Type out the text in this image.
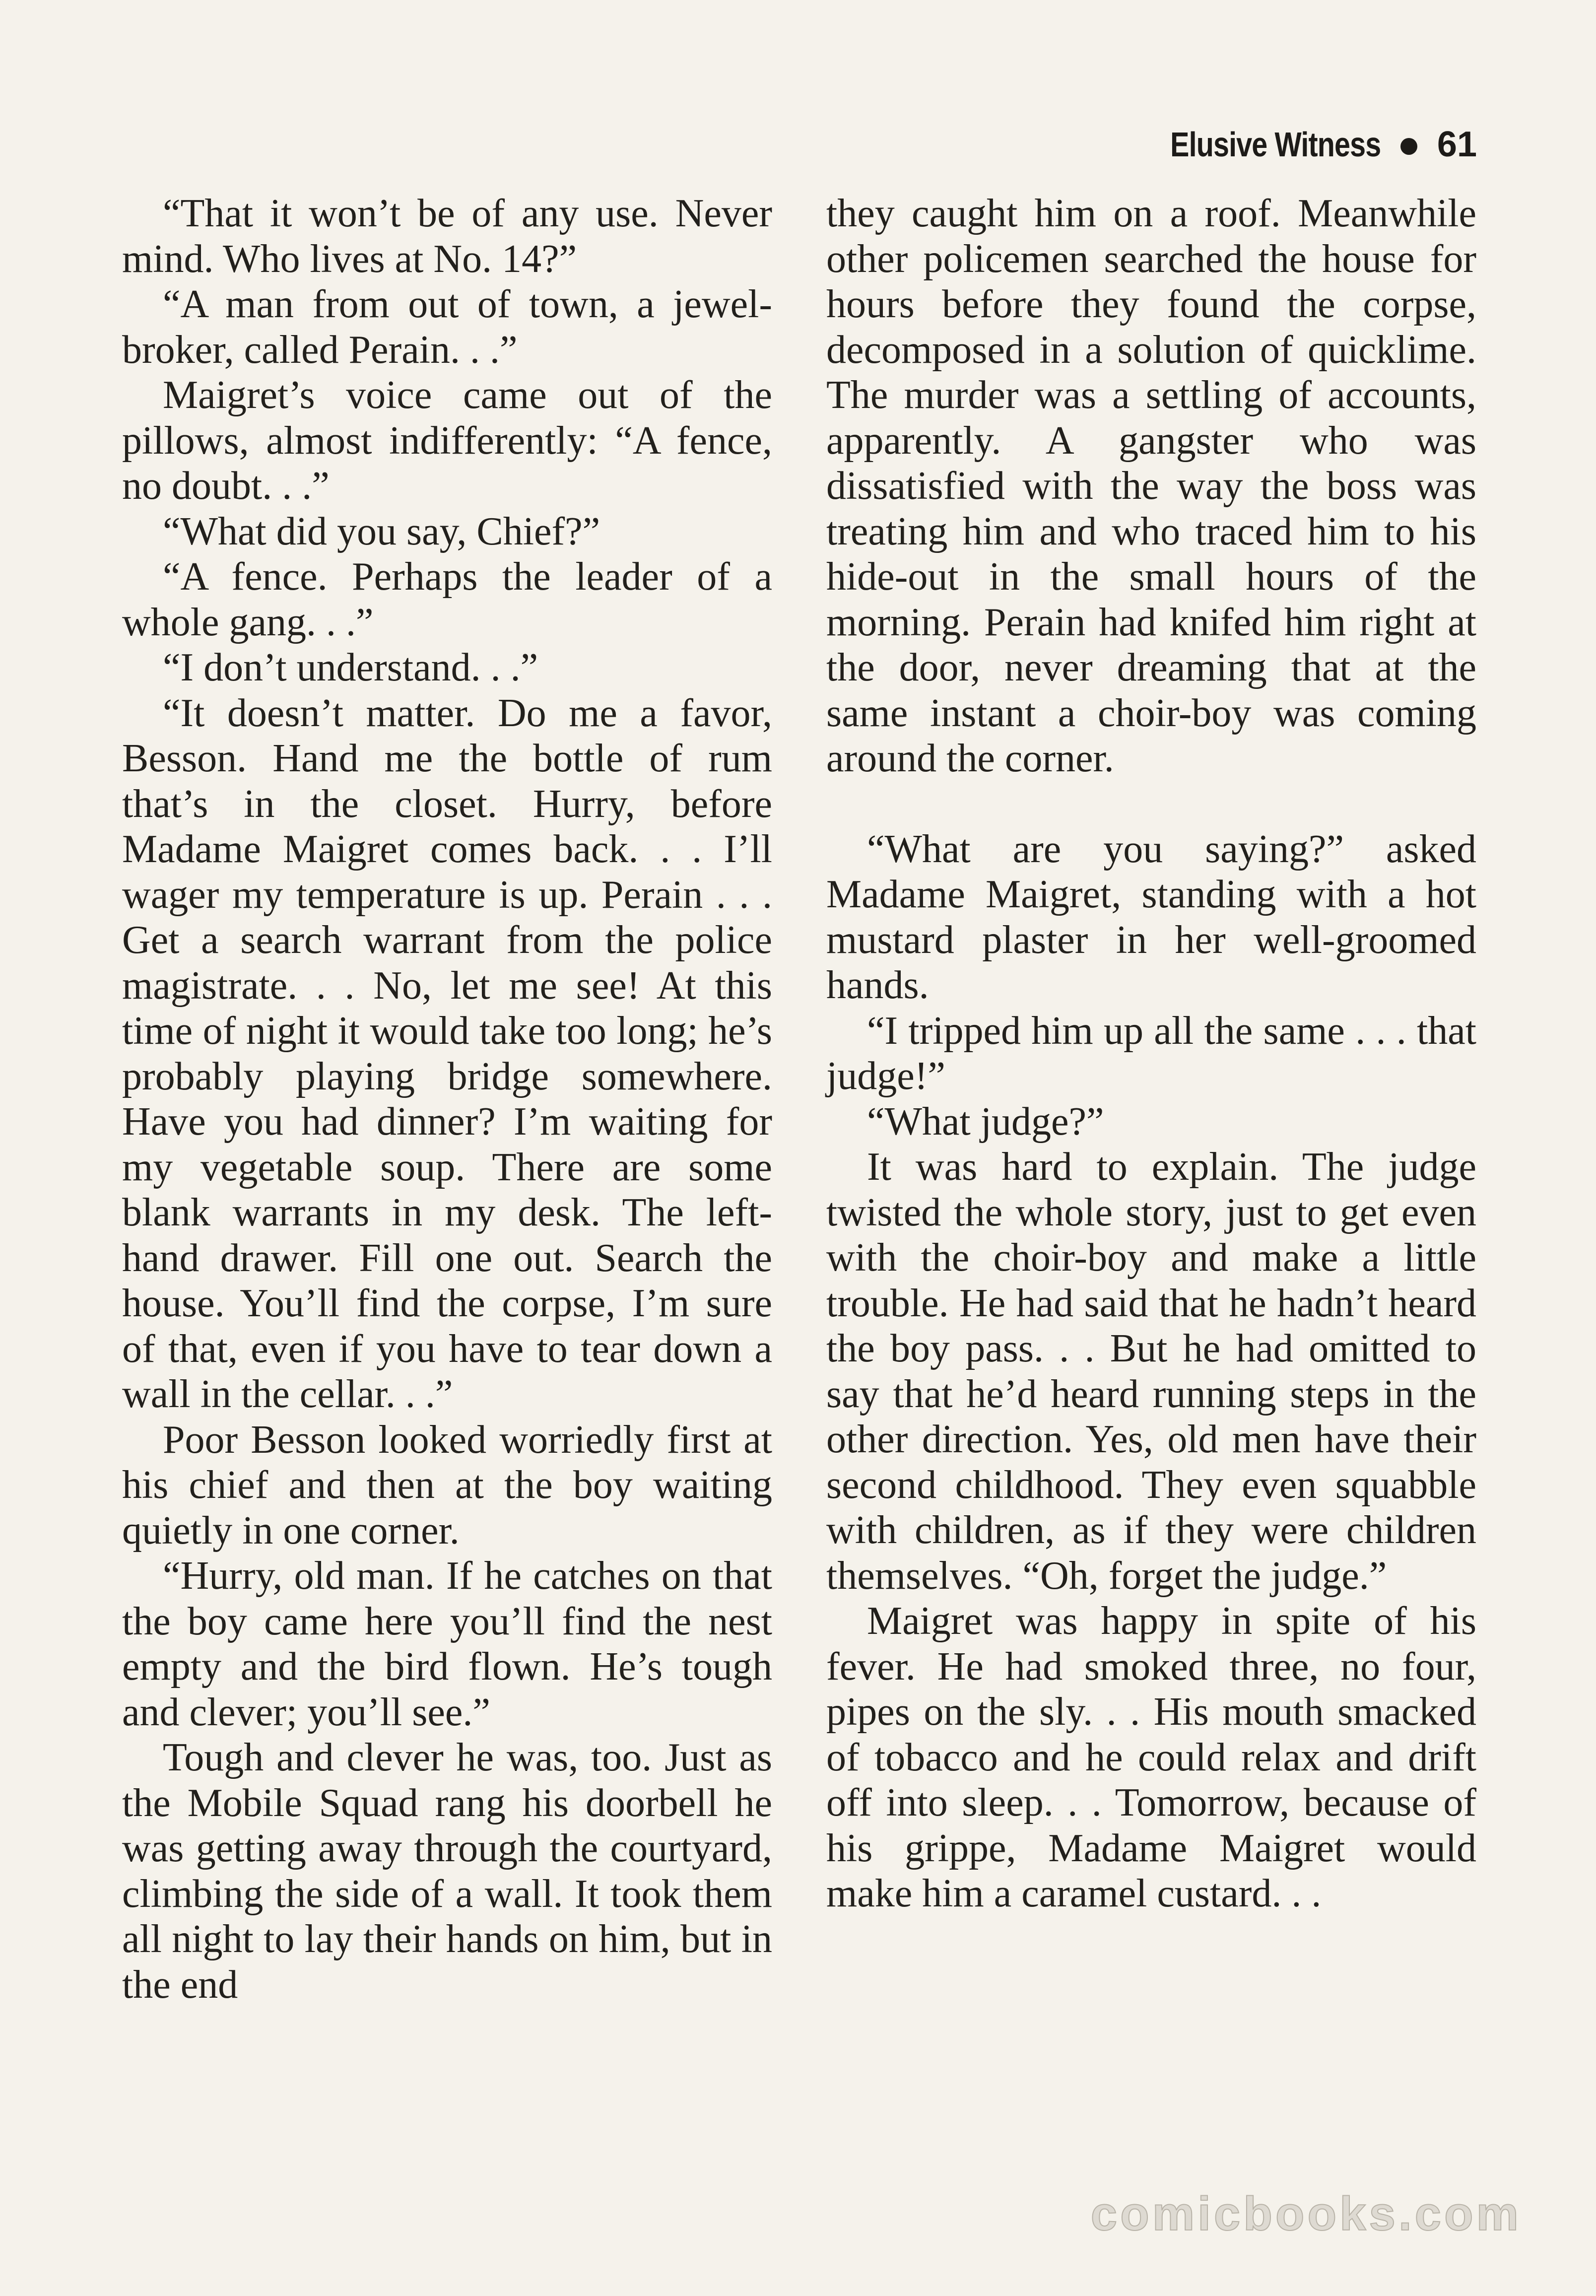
Elusive Witness 61

“That it won’t be of any use. Never mind. Who lives at No. 14?”

“A man from out of town, a jewel-broker, called Perain. . .”

Maigret’s voice came out of the pillows, almost indifferently: “A fence, no doubt. . .”

“What did you say, Chief?”

“A fence. Perhaps the leader of a whole gang. . .”

“I don’t understand. . .”

“It doesn’t matter. Do me a favor, Besson. Hand me the bottle of rum that’s in the closet. Hurry, before Madame Maigret comes back. . . I’ll wager my temperature is up. Perain . . . Get a search warrant from the police magistrate. . . No, let me see! At this time of night it would take too long; he’s probably playing bridge somewhere. Have you had dinner? I’m waiting for my vegetable soup. There are some blank warrants in my desk. The left-hand drawer. Fill one out. Search the house. You’ll find the corpse, I’m sure of that, even if you have to tear down a wall in the cellar. . .”

Poor Besson looked worriedly first at his chief and then at the boy waiting quietly in one corner.

“Hurry, old man. If he catches on that the boy came here you’ll find the nest empty and the bird flown. He’s tough and clever; you’ll see.”

Tough and clever he was, too. Just as the Mobile Squad rang his doorbell he was getting away through the courtyard, climbing the side of a wall. It took them all night to lay their hands on him, but in the end

they caught him on a roof. Meanwhile other policemen searched the house for hours before they found the corpse, decomposed in a solution of quicklime. The murder was a settling of accounts, apparently. A gangster who was dissatisfied with the way the boss was treating him and who traced him to his hide-out in the small hours of the morning. Perain had knifed him right at the door, never dreaming that at the same instant a choir-boy was coming around the corner.

“What are you saying?” asked Madame Maigret, standing with a hot mustard plaster in her well-groomed hands.

“I tripped him up all the same . . . that judge!”

“What judge?”

It was hard to explain. The judge twisted the whole story, just to get even with the choir-boy and make a little trouble. He had said that he hadn’t heard the boy pass. . . But he had omitted to say that he’d heard running steps in the other direction. Yes, old men have their second childhood. They even squabble with children, as if they were children themselves. “Oh, forget the judge.”

Maigret was happy in spite of his fever. He had smoked three, no four, pipes on the sly. . . His mouth smacked of tobacco and he could relax and drift off into sleep. . . Tomorrow, because of his grippe, Madame Maigret would make him a caramel custard. . .

comicbooks.com
